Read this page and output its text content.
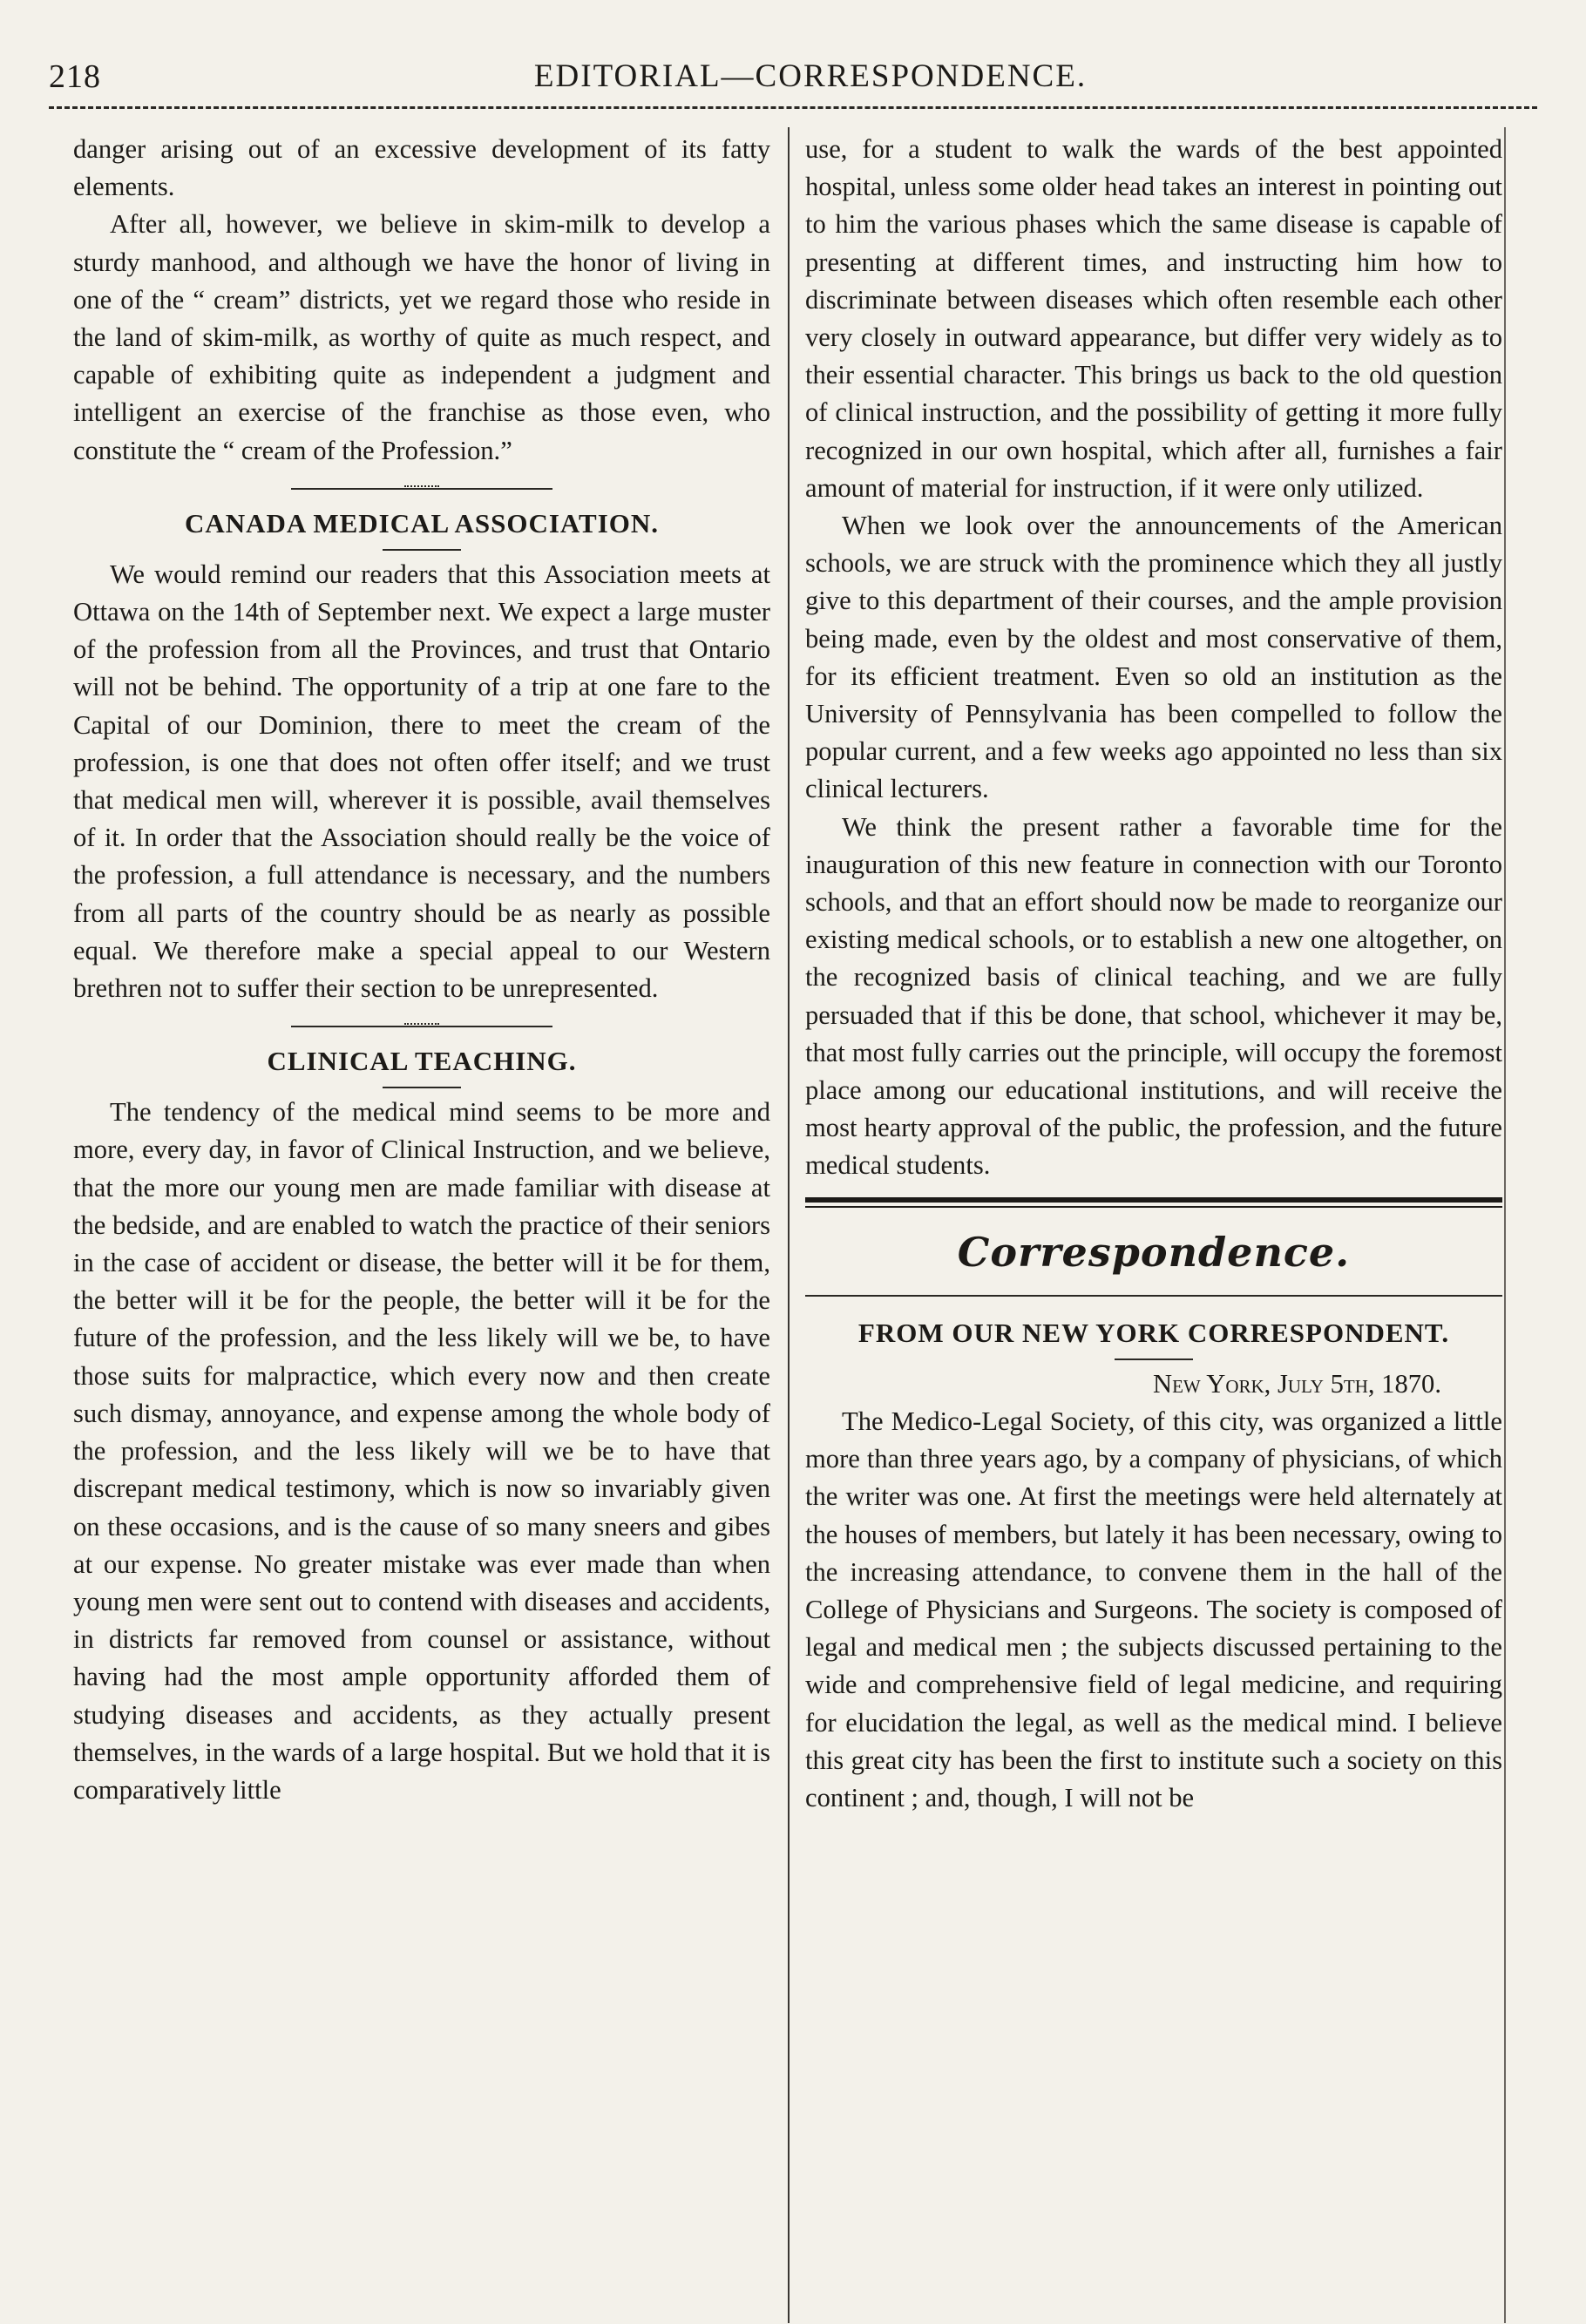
218	EDITORIAL—CORRESPONDENCE.

danger arising out of an excessive development of its fatty elements.

After all, however, we believe in skim-milk to develop a sturdy manhood, and although we have the honor of living in one of the “ cream” districts, yet we regard those who reside in the land of skim-milk, as worthy of quite as much respect, and capable of exhibiting quite as independent a judgment and intelligent an exercise of the franchise as those even, who constitute the “ cream of the Profession.”

CANADA MEDICAL ASSOCIATION.

We would remind our readers that this Association meets at Ottawa on the 14th of September next. We expect a large muster of the profession from all the Provinces, and trust that Ontario will not be behind. The opportunity of a trip at one fare to the Capital of our Dominion, there to meet the cream of the profession, is one that does not often offer itself; and we trust that medical men will, wherever it is possible, avail themselves of it. In order that the Association should really be the voice of the profession, a full attendance is necessary, and the numbers from all parts of the country should be as nearly as possible equal. We therefore make a special appeal to our Western brethren not to suffer their section to be unrepresented.

CLINICAL TEACHING.

The tendency of the medical mind seems to be more and more, every day, in favor of Clinical Instruction, and we believe, that the more our young men are made familiar with disease at the bedside, and are enabled to watch the practice of their seniors in the case of accident or disease, the better will it be for them, the better will it be for the people, the better will it be for the future of the profession, and the less likely will we be, to have those suits for malpractice, which every now and then create such dismay, annoyance, and expense among the whole body of the profession, and the less likely will we be to have that discrepant medical testimony, which is now so invariably given on these occasions, and is the cause of so many sneers and gibes at our expense. No greater mistake was ever made than when young men were sent out to contend with diseases and accidents, in districts far removed from counsel or assistance, without having had the most ample opportunity afforded them of studying diseases and accidents, as they actually present themselves, in the wards of a large hospital. But we hold that it is comparatively little

use, for a student to walk the wards of the best appointed hospital, unless some older head takes an interest in pointing out to him the various phases which the same disease is capable of presenting at different times, and instructing him how to discriminate between diseases which often resemble each other very closely in outward appearance, but differ very widely as to their essential character. This brings us back to the old question of clinical instruction, and the possibility of getting it more fully recognized in our own hospital, which after all, furnishes a fair amount of material for instruction, if it were only utilized.

When we look over the announcements of the American schools, we are struck with the prominence which they all justly give to this department of their courses, and the ample provision being made, even by the oldest and most conservative of them, for its efficient treatment. Even so old an institution as the University of Pennsylvania has been compelled to follow the popular current, and a few weeks ago appointed no less than six clinical lecturers.

We think the present rather a favorable time for the inauguration of this new feature in connection with our Toronto schools, and that an effort should now be made to reorganize our existing medical schools, or to establish a new one altogether, on the recognized basis of clinical teaching, and we are fully persuaded that if this be done, that school, whichever it may be, that most fully carries out the principle, will occupy the foremost place among our educational institutions, and will receive the most hearty approval of the public, the profession, and the future medical students.

Correspondence.
FROM OUR NEW YORK CORRESPONDENT.
New York, July 5th, 1870.

The Medico-Legal Society, of this city, was organized a little more than three years ago, by a company of physicians, of which the writer was one. At first the meetings were held alternately at the houses of members, but lately it has been necessary, owing to the increasing attendance, to convene them in the hall of the College of Physicians and Surgeons. The society is composed of legal and medical men ; the subjects discussed pertaining to the wide and comprehensive field of legal medicine, and requiring for elucidation the legal, as well as the medical mind. I believe this great city has been the first to institute such a society on this continent ; and, though, I will not be
